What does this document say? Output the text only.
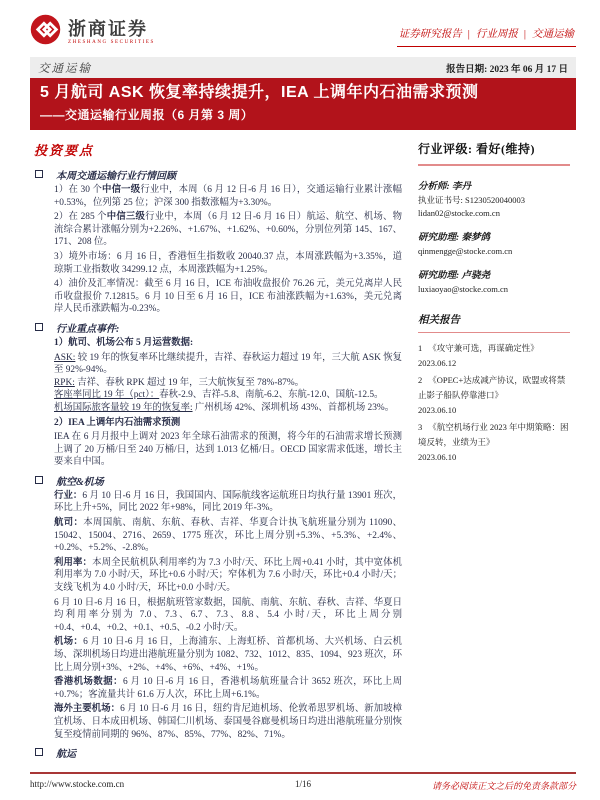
浙商证券
ZHESHANG SECURITIES
证券研究报告 | 行业周报 | 交通运输
交通运输	报告日期: 2023 年 06 月 17 日
5 月航司 ASK 恢复率持续提升，IEA 上调年内石油需求预测
——交通运输行业周报（6 月第 3 周）
投资要点
本周交通运输行业行情回顾

1）在 30 个中信一级行业中，本周（6 月 12 日-6 月 16 日），交通运输行业累计涨幅+0.53%，位列第 25 位；沪深 300 指数涨幅为+3.30%。

2）在 285 个中信三级行业中，本周（6 月 12 日-6 月 16 日）航运、航空、机场、物流综合累计涨幅分别为+2.26%、+1.67%、+1.62%、+0.60%，分别位列第 145、167、171、208 位。

3）境外市场：6 月 16 日，香港恒生指数收 20040.37 点，本周涨跌幅为+3.35%，道琼斯工业指数收 34299.12 点，本周涨跌幅为+1.25%。

4）油价及汇率情况：截至 6 月 16 日，ICE 布油收盘报价 76.26 元，美元兑离岸人民币收盘报价 7.12815。6 月 10 日至 6 月 16 日，ICE 布油涨跌幅为+1.63%，美元兑离岸人民币涨跌幅为-0.23%。

行业重点事件:

1）航司、机场公布 5 月运营数据:

ASK: 较 19 年的恢复率环比继续提升，吉祥、春秋运力超过 19 年，三大航 ASK 恢复至 92%-94%。

RPK: 吉祥、春秋 RPK 超过 19 年，三大航恢复至 78%-87%。

客座率同比 19 年（pct）：春秋-2.9、吉祥-5.8、南航-6.2、东航-12.0、国航-12.5。

机场国际旅客量较 19 年的恢复率: 广州机场 42%、深圳机场 43%、首都机场 23%。

2）IEA 上调年内石油需求预测

IEA 在 6 月月报中上调对 2023 年全球石油需求的预测，将今年的石油需求增长预测上调了 20 万桶/日至 240 万桶/日，达到 1.013 亿桶/日。OECD 国家需求低迷，增长主要来自中国。

航空&机场

行业：6 月 10 日-6 月 16 日，我国国内、国际航线客运航班日均执行量 13901 班次，环比上升+5%，同比 2022 年+98%，同比 2019 年-3%。

航司：本周国航、南航、东航、春秋、吉祥、华夏合计执飞航班量分别为 11090、15042、15004、2716、2659、1775 班次，环比上周分别+5.3%、+5.3%、+2.4%、+0.2%、+5.2%、-2.8%。

利用率：本周全民航机队利用率约为 7.3 小时/天、环比上周+0.41 小时，其中宽体机利用率为 7.0 小时/天，环比+0.6 小时/天；窄体机为 7.6 小时/天，环比+0.4 小时/天；支线飞机为 4.0 小时/天，环比+0.0 小时/天。

6 月 10 日-6 月 16 日，根据航班管家数据，国航、南航、东航、春秋、吉祥、华夏日均利用率分别为 7.0、7.3、6.7、7.3、8.8、5.4 小时/天，环比上周分别+0.4、+0.4、+0.2、+0.1、+0.5、-0.2 小时/天。

机场：6 月 10 日-6 月 16 日，上海浦东、上海虹桥、首都机场、大兴机场、白云机场、深圳机场日均进出港航班量分别为 1082、732、1012、835、1094、923 班次，环比上周分别+3%、+2%、+4%、+6%、+4%、+1%。

香港机场数据：6 月 10 日-6 月 16 日，香港机场航班量合计 3652 班次，环比上周+0.7%；客流量共计 61.6 万人次，环比上周+6.1%。

海外主要机场：6 月 10 日-6 月 16 日，纽约肯尼迪机场、伦敦希思罗机场、新加坡樟宜机场、日本成田机场、韩国仁川机场、泰国曼谷廊曼机场日均进出港航班量分别恢复至疫情前同期的 96%、87%、85%、77%、82%、71%。

航运
行业评级: 看好(维持)
分析师: 李丹
执业证书号: S1230520040003
lidan02@stocke.com.cn
研究助理: 秦梦鸽
qinmengge@stocke.com.cn
研究助理: 卢骁尧
luxiaoyao@stocke.com.cn
相关报告
1 《攻守兼可选，再谋确定性》
2023.06.12
2 《OPEC+达成减产协议，欧盟或将禁止影子船队停靠港口》
2023.06.10
3 《航空机场行业 2023 年中期策略：困境反转，业绩为王》
2023.06.10
http://www.stocke.com.cn	1/16	请务必阅读正文之后的免责条款部分
